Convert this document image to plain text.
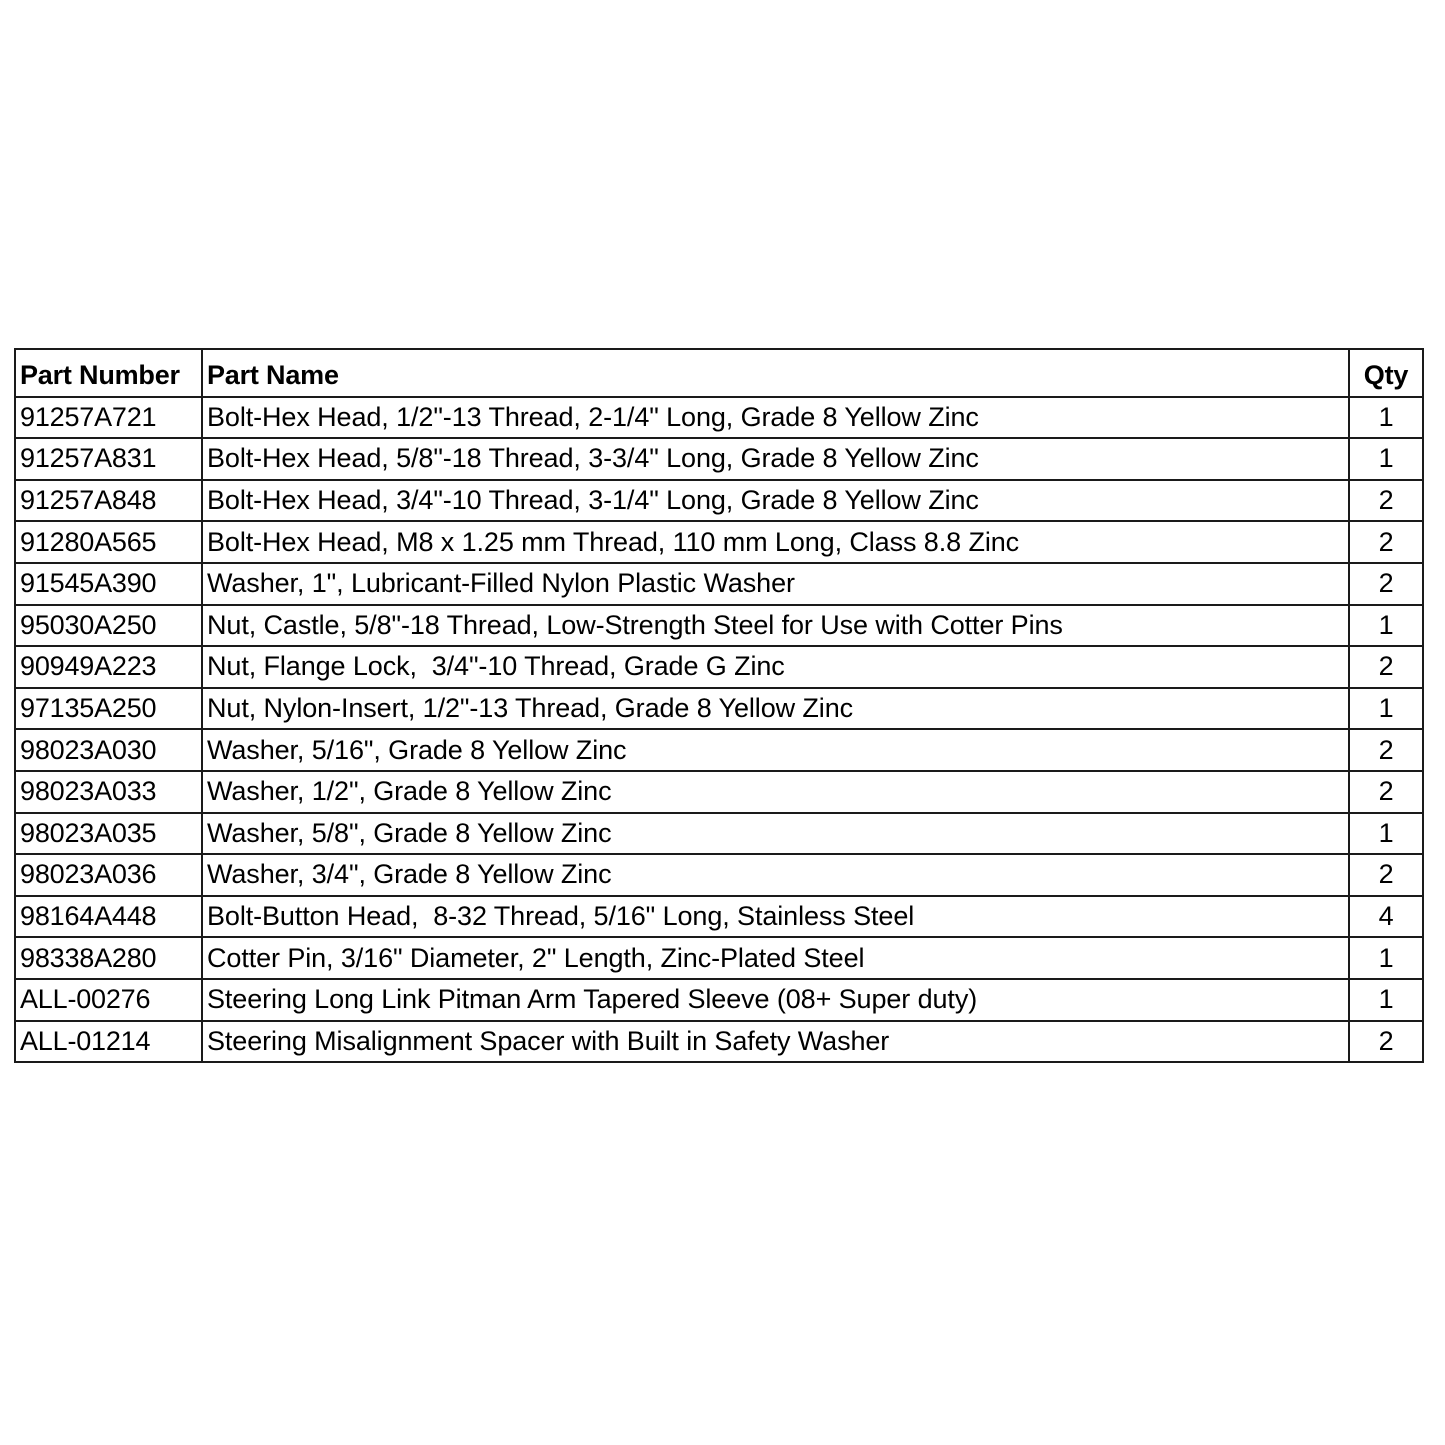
Part Number	Part Name	Qty
91257A721	Bolt-Hex Head, 1/2"-13 Thread, 2-1/4" Long, Grade 8 Yellow Zinc	1
91257A831	Bolt-Hex Head, 5/8"-18 Thread, 3-3/4" Long, Grade 8 Yellow Zinc	1
91257A848	Bolt-Hex Head, 3/4"-10 Thread, 3-1/4" Long, Grade 8 Yellow Zinc	2
91280A565	Bolt-Hex Head, M8 x 1.25 mm Thread, 110 mm Long, Class 8.8 Zinc	2
91545A390	Washer, 1", Lubricant-Filled Nylon Plastic Washer	2
95030A250	Nut, Castle, 5/8"-18 Thread, Low-Strength Steel for Use with Cotter Pins	1
90949A223	Nut, Flange Lock,  3/4"-10 Thread, Grade G Zinc	2
97135A250	Nut, Nylon-Insert, 1/2"-13 Thread, Grade 8 Yellow Zinc	1
98023A030	Washer, 5/16", Grade 8 Yellow Zinc	2
98023A033	Washer, 1/2", Grade 8 Yellow Zinc	2
98023A035	Washer, 5/8", Grade 8 Yellow Zinc	1
98023A036	Washer, 3/4", Grade 8 Yellow Zinc	2
98164A448	Bolt-Button Head,  8-32 Thread, 5/16" Long, Stainless Steel	4
98338A280	Cotter Pin, 3/16" Diameter, 2" Length, Zinc-Plated Steel	1
ALL-00276	Steering Long Link Pitman Arm Tapered Sleeve (08+ Super duty)	1
ALL-01214	Steering Misalignment Spacer with Built in Safety Washer	2
